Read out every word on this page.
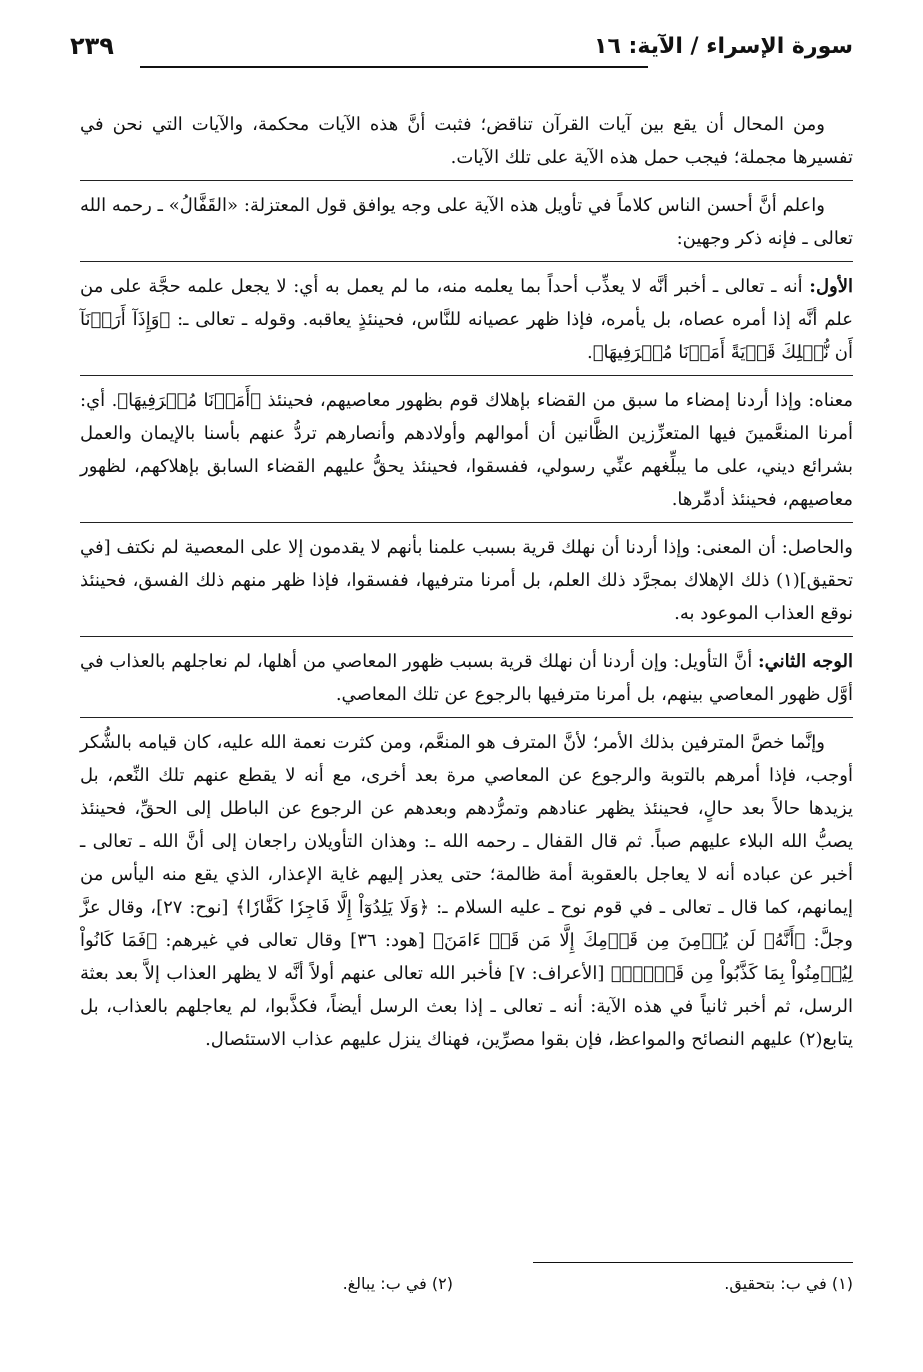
سورة الإسراء / الآية: ١٦
٢٣٩

ومن المحال أن يقع بين آيات القرآن تناقض؛ فثبت أنَّ هذه الآيات محكمة، والآيات التي نحن في تفسيرها مجملة؛ فيجب حمل هذه الآية على تلك الآيات.

واعلم أنَّ أحسن الناس كلاماً في تأويل هذه الآية على وجه يوافق قول المعتزلة: «القَفَّالُ» ـ رحمه الله تعالى ـ فإنه ذكر وجهين:

الأول: أنه ـ تعالى ـ أخبر أنَّه لا يعذِّب أحداً بما يعلمه منه، ما لم يعمل به أي: لا يجعل علمه حجَّة على من علم أنَّه إذا أمره عصاه، بل يأمره، فإذا ظهر عصيانه للنَّاس، فحينئذٍ يعاقبه. وقوله ـ تعالى ـ: ﴿وَإِذَآ أَرَدۡنَآ أَن نُّهۡلِكَ قَرۡيَةً أَمَرۡنَا مُتۡرَفِيهَا﴾.

معناه: وإذا أردنا إمضاء ما سبق من القضاء بإهلاك قوم بظهور معاصيهم، فحينئذ ﴿أَمَرۡنَا مُتۡرَفِيهَا﴾. أي: أمرنا المنعَّمينَ فيها المتعزِّزين الظَّانين أن أموالهم وأولادهم وأنصارهم تردُّ عنهم بأسنا بالإيمان والعمل بشرائع ديني، على ما يبلِّغهم عنِّي رسولي، ففسقوا، فحينئذ يحقُّ عليهم القضاء السابق بإهلاكهم، لظهور معاصيهم، فحينئذ أدمِّرها.

والحاصل: أن المعنى: وإذا أردنا أن نهلك قرية بسبب علمنا بأنهم لا يقدمون إلا على المعصية لم نكتف [في تحقيق](١) ذلك الإهلاك بمجرَّد ذلك العلم، بل أمرنا مترفيها، ففسقوا، فإذا ظهر منهم ذلك الفسق، فحينئذ نوقع العذاب الموعود به.

الوجه الثاني: أنَّ التأويل: وإن أردنا أن نهلك قرية بسبب ظهور المعاصي من أهلها، لم نعاجلهم بالعذاب في أوَّل ظهور المعاصي بينهم، بل أمرنا مترفيها بالرجوع عن تلك المعاصي.

وإنَّما خصَّ المترفين بذلك الأمر؛ لأنَّ المترف هو المنعَّم، ومن كثرت نعمة الله عليه، كان قيامه بالشُّكر أوجب، فإذا أمرهم بالتوبة والرجوع عن المعاصي مرة بعد أخرى، مع أنه لا يقطع عنهم تلك النِّعم، بل يزيدها حالاً بعد حالٍ، فحينئذ يظهر عنادهم وتمرُّدهم وبعدهم عن الرجوع عن الباطل إلى الحقِّ، فحينئذ يصبُّ الله البلاء عليهم صباً. ثم قال القفال ـ رحمه الله ـ: وهذان التأويلان راجعان إلى أنَّ الله ـ تعالى ـ أخبر عن عباده أنه لا يعاجل بالعقوبة أمة ظالمة؛ حتى يعذر إليهم غاية الإعذار، الذي يقع منه اليأس من إيمانهم، كما قال ـ تعالى ـ في قوم نوح ـ عليه السلام ـ: ﴿وَلَا يَلِدُوٓاْ إِلَّا فَاجِرٗا كَفَّارٗا﴾ [نوح: ٢٧]، وقال عزَّ وجلَّ: ﴿أَنَّهُۥ لَن يُؤۡمِنَ مِن قَوۡمِكَ إِلَّا مَن قَدۡ ءَامَنَ﴾ [هود: ٣٦] وقال تعالى في غيرهم: ﴿فَمَا كَانُواْ لِيُؤۡمِنُواْ بِمَا كَذَّبُواْ مِن قَبۡلُۚ﴾ [الأعراف: ٧] فأخبر الله تعالى عنهم أولاً أنَّه لا يظهر العذاب إلاَّ بعد بعثة الرسل، ثم أخبر ثانياً في هذه الآية: أنه ـ تعالى ـ إذا بعث الرسل أيضاً، فكذَّبوا، لم يعاجلهم بالعذاب، بل يتابع(٢) عليهم النصائح والمواعظ، فإن بقوا مصرِّين، فهناك ينزل عليهم عذاب الاستئصال.

(١) في ب: بتحقيق.
(٢) في ب: يبالغ.
